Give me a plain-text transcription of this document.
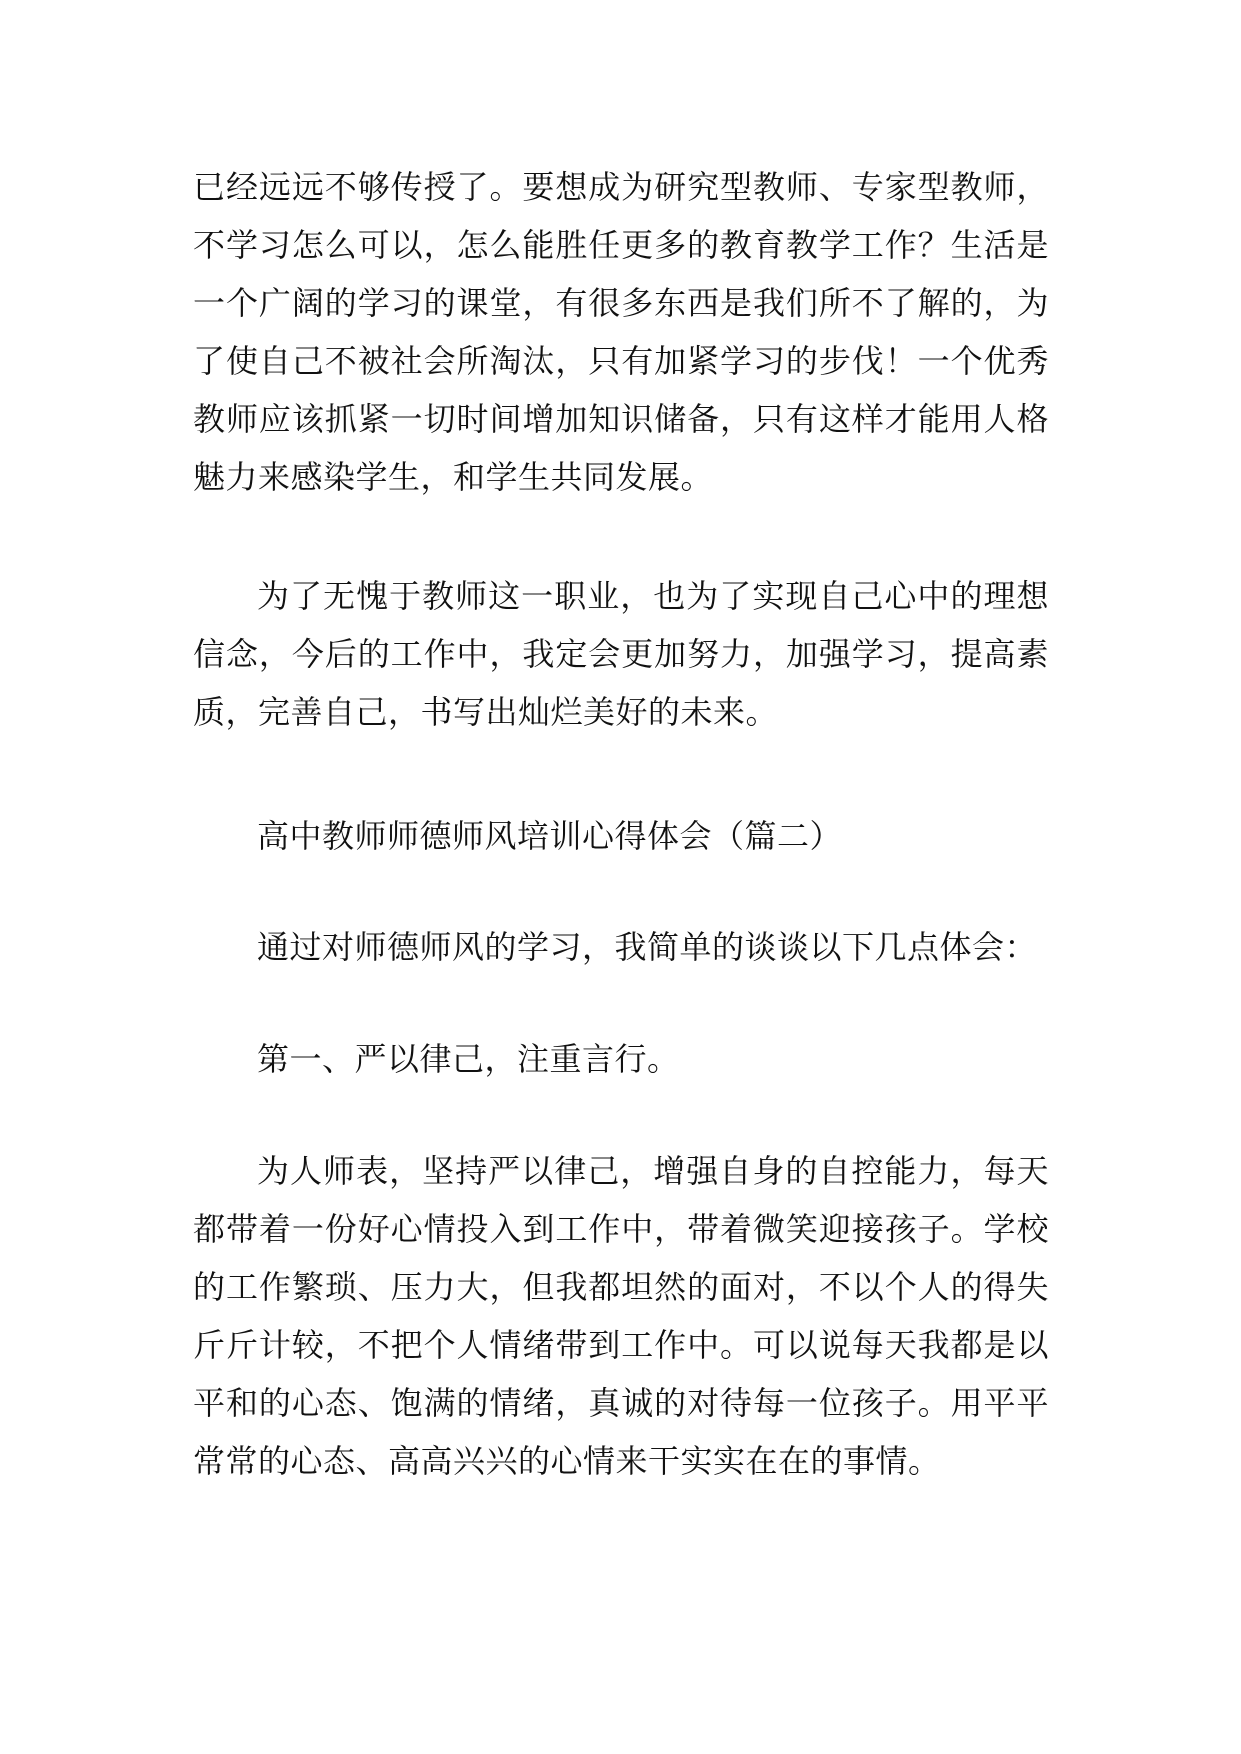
已经远远不够传授了。要想成为研究型教师、专家型教师，不学习怎么可以，怎么能胜任更多的教育教学工作？生活是一个广阔的学习的课堂，有很多东西是我们所不了解的，为了使自己不被社会所淘汰，只有加紧学习的步伐！一个优秀教师应该抓紧一切时间增加知识储备，只有这样才能用人格魅力来感染学生，和学生共同发展。

为了无愧于教师这一职业，也为了实现自己心中的理想信念，今后的工作中，我定会更加努力，加强学习，提高素质，完善自己，书写出灿烂美好的未来。

高中教师师德师风培训心得体会（篇二）

通过对师德师风的学习，我简单的谈谈以下几点体会：

第一、严以律己，注重言行。

为人师表，坚持严以律己，增强自身的自控能力，每天都带着一份好心情投入到工作中，带着微笑迎接孩子。学校的工作繁琐、压力大，但我都坦然的面对，不以个人的得失斤斤计较，不把个人情绪带到工作中。可以说每天我都是以平和的心态、饱满的情绪，真诚的对待每一位孩子。用平平常常的心态、高高兴兴的心情来干实实在在的事情。
